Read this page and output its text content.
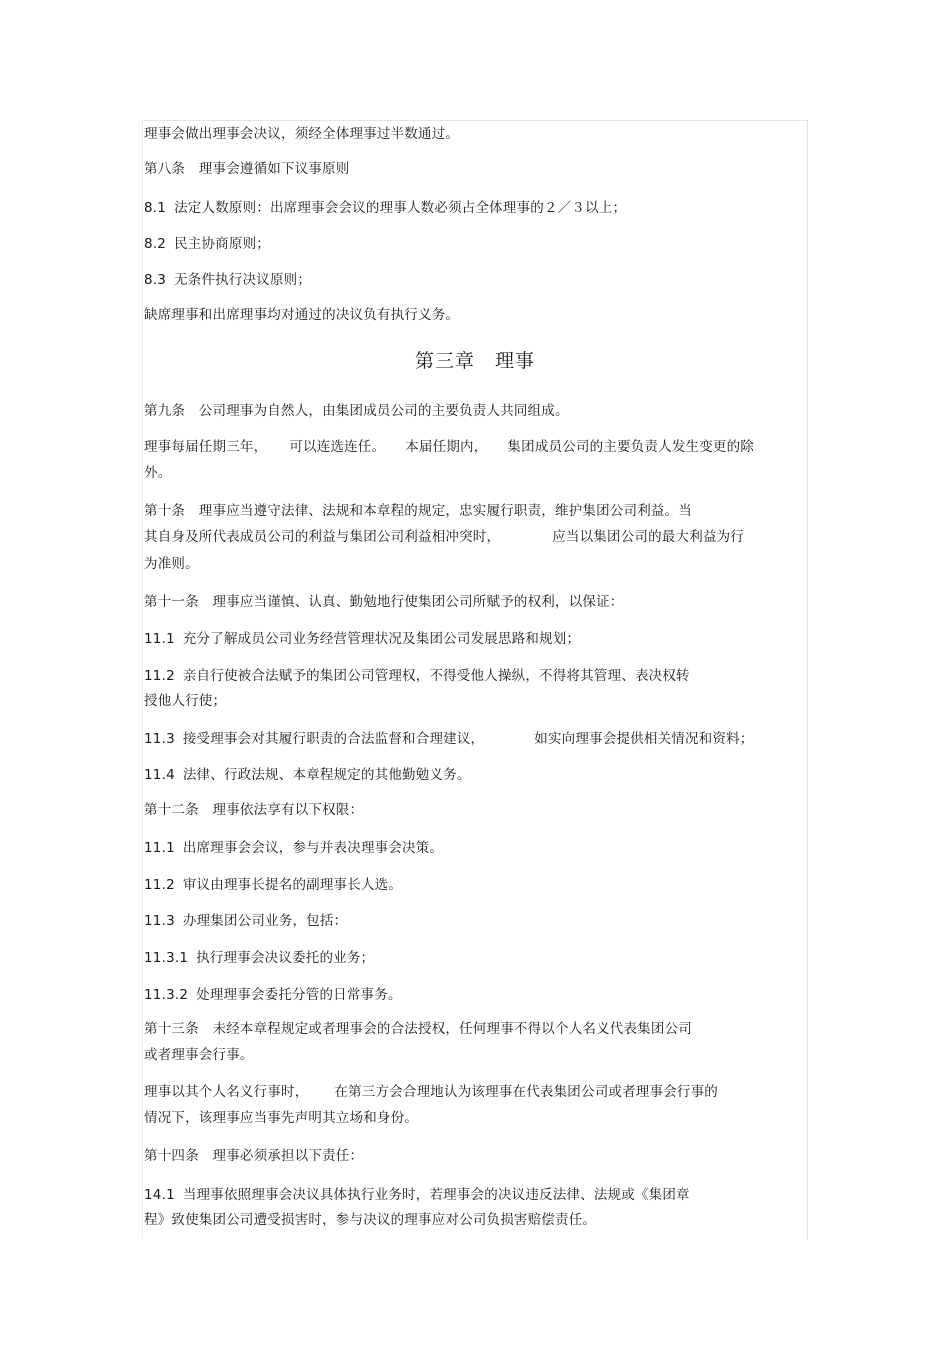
理事会做出理事会决议，须经全体理事过半数通过。
第八条　理事会遵循如下议事原则
8.1 法定人数原则：出席理事会会议的理事人数必须占全体理事的２／３以上；
8.2 民主协商原则；
8.3 无条件执行决议原则；
缺席理事和出席理事均对通过的决议负有执行义务。
第三章　理事
第九条　公司理事为自然人，由集团成员公司的主要负责人共同组成。
理事每届任期三年， 可以连选连任。 本届任期内， 集团成员公司的主要负责人发生变更的除
外。
第十条　理事应当遵守法律、法规和本章程的规定，忠实履行职责，维护集团公司利益。当
其自身及所代表成员公司的利益与集团公司利益相冲突时，	应当以集团公司的最大利益为行
为准则。
第十一条　理事应当谨慎、认真、勤勉地行使集团公司所赋予的权利，以保证：
11.1 充分了解成员公司业务经营管理状况及集团公司发展思路和规划；
11.2 亲自行使被合法赋予的集团公司管理权，不得受他人操纵，不得将其管理、表决权转
授他人行使；
11.3 接受理事会对其履行职责的合法监督和合理建议，	如实向理事会提供相关情况和资料；
11.4 法律、行政法规、本章程规定的其他勤勉义务。
第十二条　理事依法享有以下权限：
11.1 出席理事会会议，参与并表决理事会决策。
11.2 审议由理事长提名的副理事长人选。
11.3 办理集团公司业务，包括：
11.3.1 执行理事会决议委托的业务；
11.3.2 处理理事会委托分管的日常事务。
第十三条　未经本章程规定或者理事会的合法授权，任何理事不得以个人名义代表集团公司
或者理事会行事。
理事以其个人名义行事时， 在第三方会合理地认为该理事在代表集团公司或者理事会行事的
情况下，该理事应当事先声明其立场和身份。
第十四条　理事必须承担以下责任：
14.1 当理事依照理事会决议具体执行业务时，若理事会的决议违反法律、法规或《集团章
程》致使集团公司遭受损害时，参与决议的理事应对公司负损害赔偿责任。
